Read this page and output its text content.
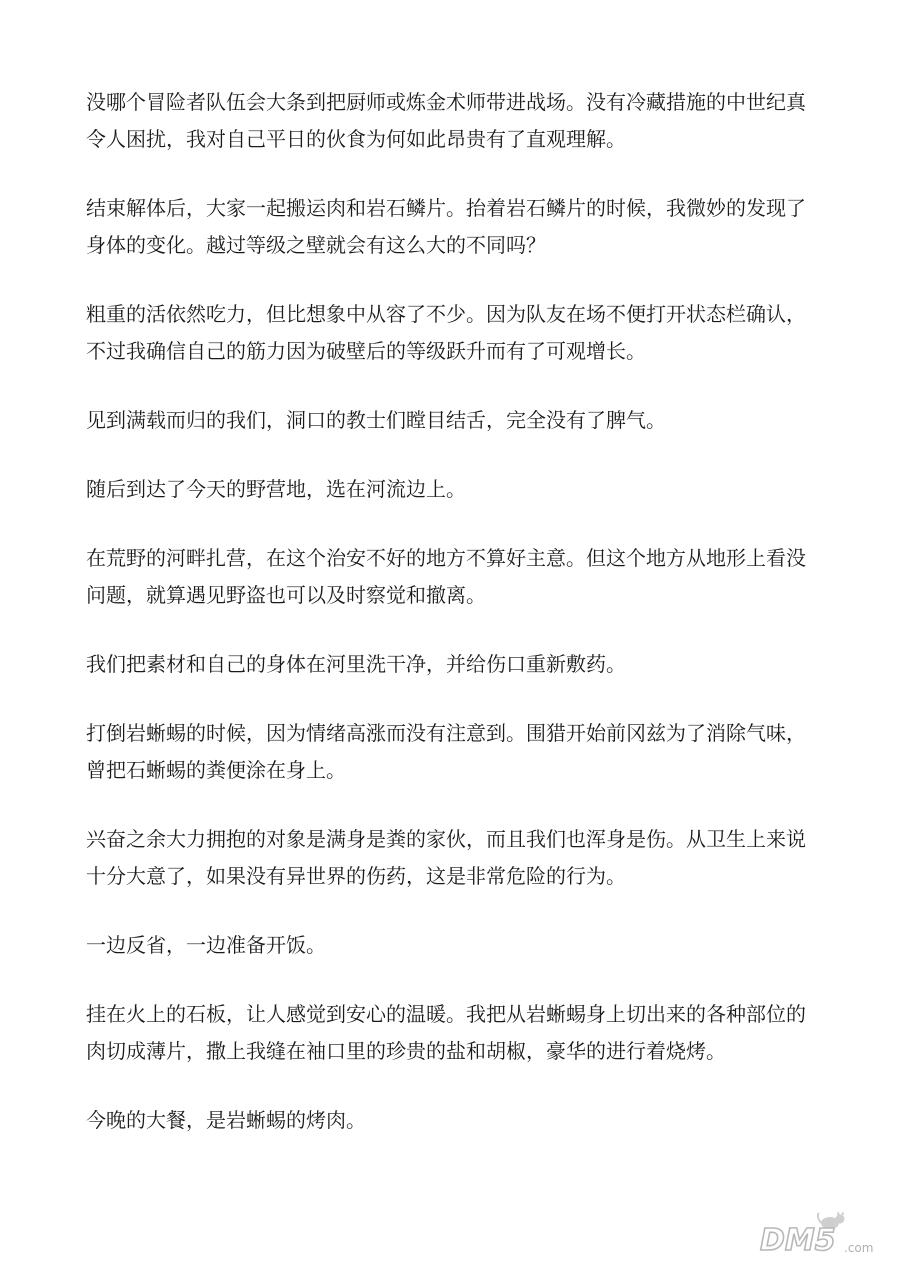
没哪个冒险者队伍会大条到把厨师或炼金术师带进战场。没有冷藏措施的中世纪真令人困扰，我对自己平日的伙食为何如此昂贵有了直观理解。

结束解体后，大家一起搬运肉和岩石鳞片。抬着岩石鳞片的时候，我微妙的发现了身体的变化。越过等级之壁就会有这么大的不同吗？

粗重的活依然吃力，但比想象中从容了不少。因为队友在场不便打开状态栏确认，不过我确信自己的筋力因为破壁后的等级跃升而有了可观增长。

见到满载而归的我们，洞口的教士们瞠目结舌，完全没有了脾气。

随后到达了今天的野营地，选在河流边上。

在荒野的河畔扎营，在这个治安不好的地方不算好主意。但这个地方从地形上看没问题，就算遇见野盗也可以及时察觉和撤离。

我们把素材和自己的身体在河里洗干净，并给伤口重新敷药。

打倒岩蜥蜴的时候，因为情绪高涨而没有注意到。围猎开始前冈兹为了消除气味，曾把石蜥蜴的粪便涂在身上。

兴奋之余大力拥抱的对象是满身是粪的家伙，而且我们也浑身是伤。从卫生上来说十分大意了，如果没有异世界的伤药，这是非常危险的行为。

一边反省，一边准备开饭。

挂在火上的石板，让人感觉到安心的温暖。我把从岩蜥蜴身上切出来的各种部位的肉切成薄片，撒上我缝在袖口里的珍贵的盐和胡椒，豪华的进行着烧烤。

今晚的大餐，是岩蜥蜴的烤肉。

DM5 .com
